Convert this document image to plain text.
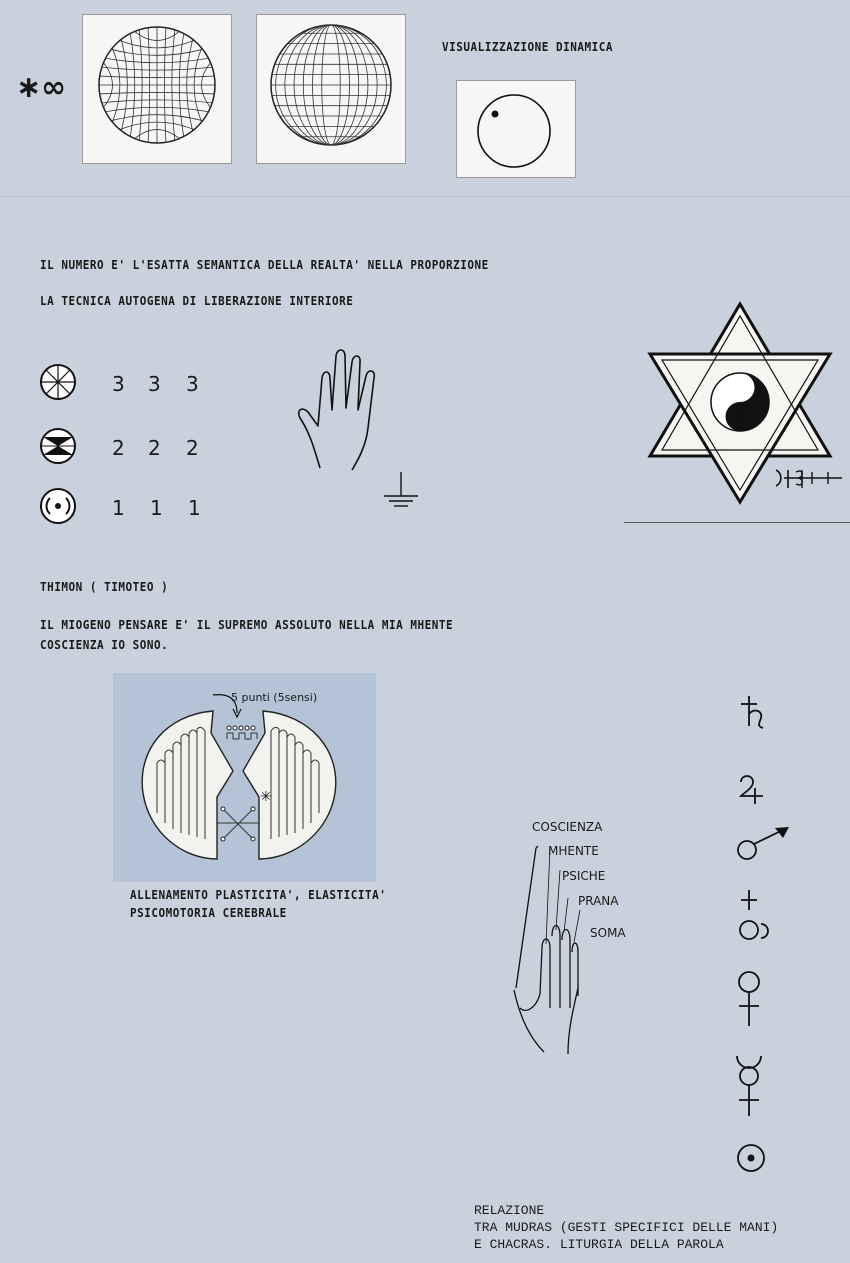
∗∞
VISUALIZZAZIONE DINAMICA
IL NUMERO E' L'ESATTA SEMANTICA DELLA REALTA' NELLA PROPORZIONE
LA TECNICA AUTOGENA DI LIBERAZIONE INTERIORE
3 3 3
2 2 2
1 1 1
THIMON ( TIMOTEO )
IL MIOGENO PENSARE E' IL SUPREMO ASSOLUTO NELLA MIA MHENTE
COSCIENZA IO SONO.
✳
5 punti (5sensi)
ALLENAMENTO PLASTICITA', ELASTICITA'
PSICOMOTORIA CEREBRALE
COSCIENZA
MHENTE
PSICHE
PRANA
SOMA
RELAZIONE
TRA MUDRAS (GESTI SPECIFICI DELLE MANI)
E CHACRAS. LITURGIA DELLA PAROLA
